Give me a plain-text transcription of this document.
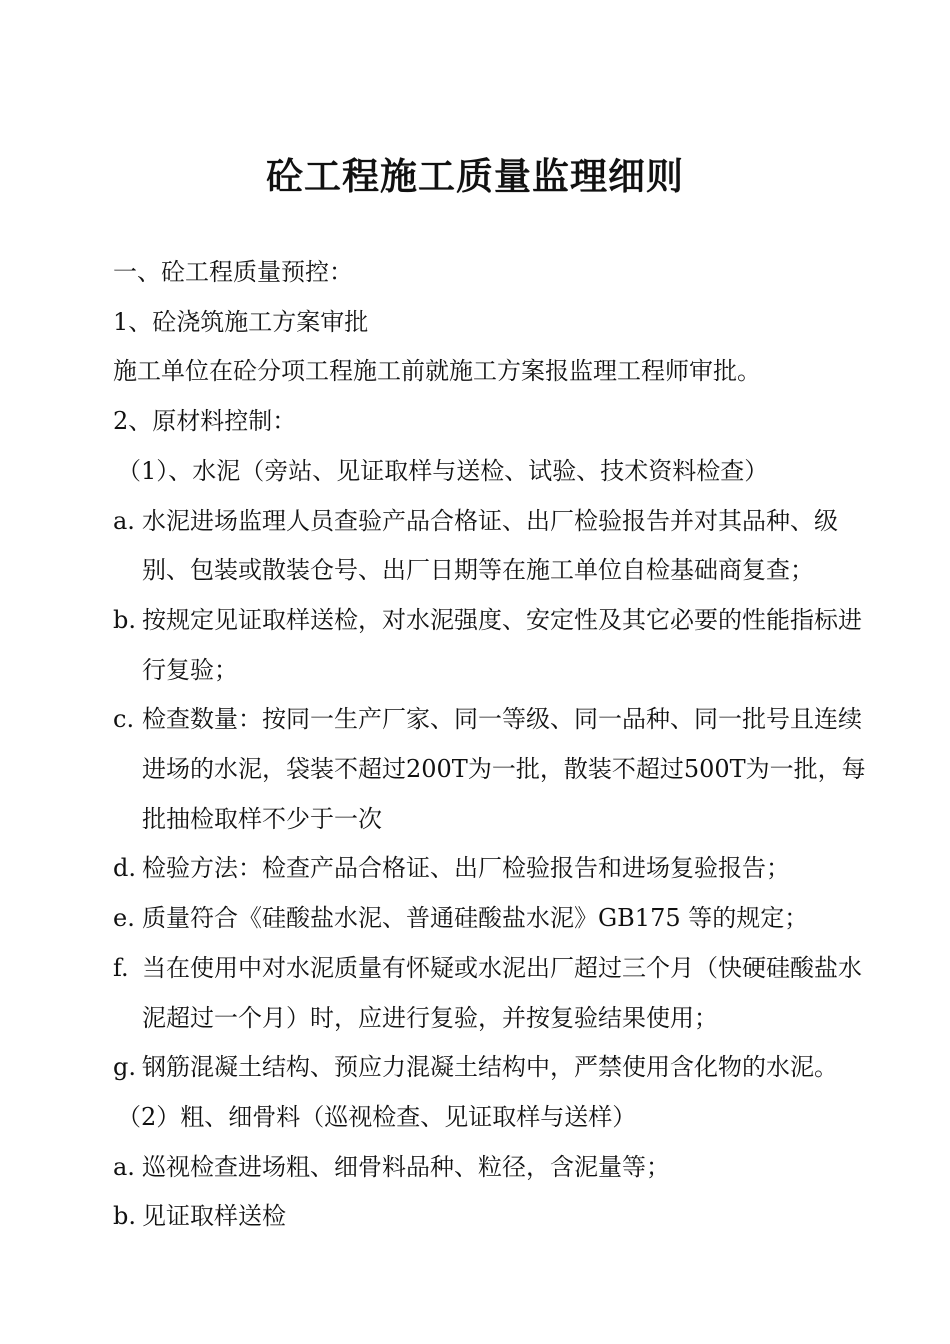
砼工程施工质量监理细则
一、砼工程质量预控：
1、砼浇筑施工方案审批
施工单位在砼分项工程施工前就施工方案报监理工程师审批。
2、原材料控制：
（1）、水泥（旁站、见证取样与送检、试验、技术资料检查）
a. 水泥进场监理人员查验产品合格证、出厂检验报告并对其品种、级别、包装或散装仓号、出厂日期等在施工单位自检基础商复查；
b. 按规定见证取样送检，对水泥强度、安定性及其它必要的性能指标进行复验；
c. 检查数量：按同一生产厂家、同一等级、同一品种、同一批号且连续进场的水泥，袋装不超过200T为一批，散装不超过500T为一批，每批抽检取样不少于一次
d. 检验方法：检查产品合格证、出厂检验报告和进场复验报告；
e. 质量符合《硅酸盐水泥、普通硅酸盐水泥》GB175 等的规定；
f. 当在使用中对水泥质量有怀疑或水泥出厂超过三个月（快硬硅酸盐水泥超过一个月）时，应进行复验，并按复验结果使用；
g. 钢筋混凝土结构、预应力混凝土结构中，严禁使用含化物的水泥。
（2）粗、细骨料（巡视检查、见证取样与送样）
a. 巡视检查进场粗、细骨料品种、粒径，含泥量等；
b. 见证取样送检
